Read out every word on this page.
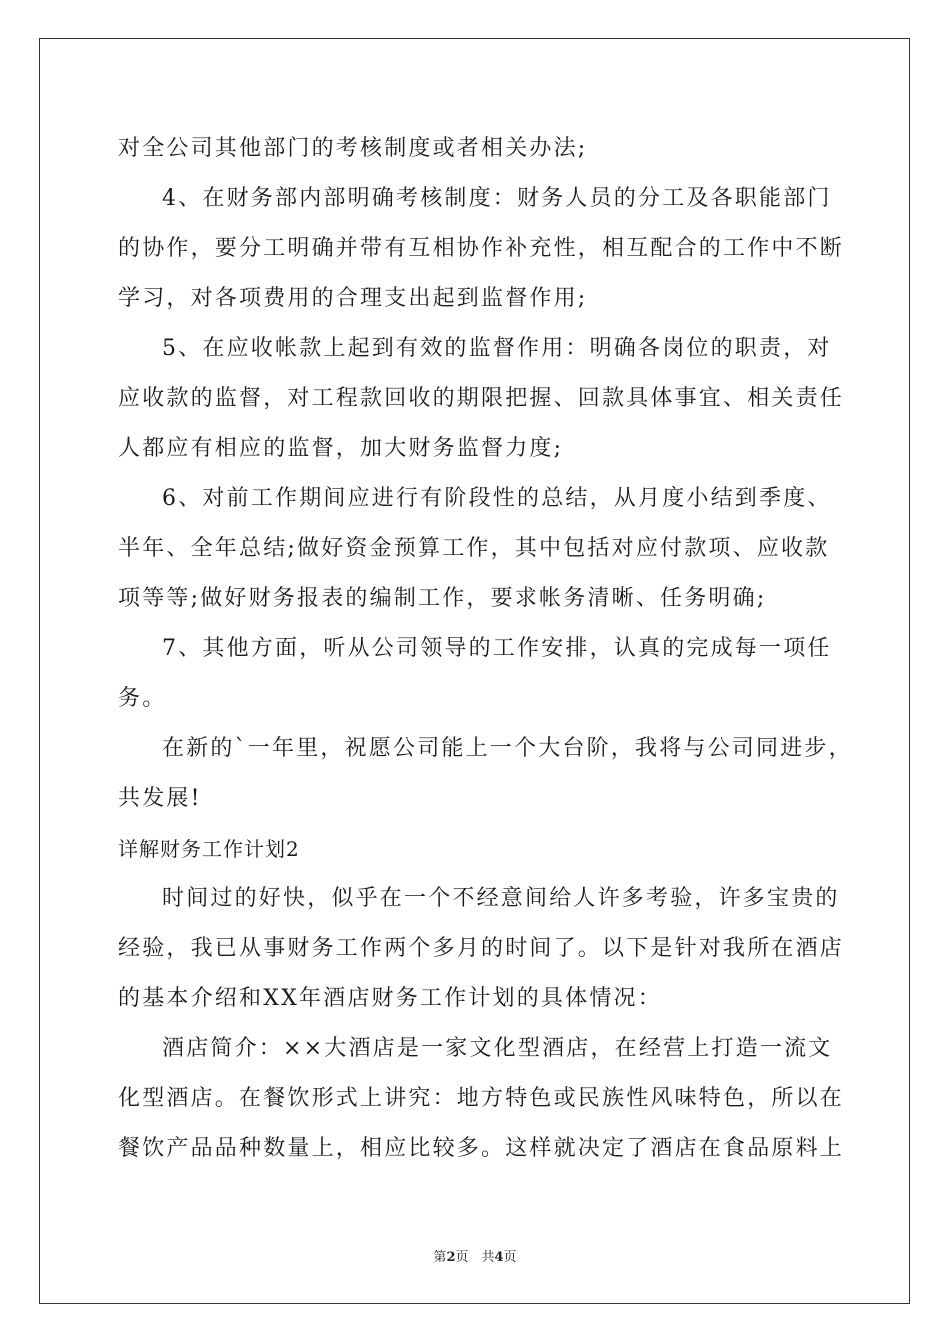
对全公司其他部门的考核制度或者相关办法;
4、在财务部内部明确考核制度：财务人员的分工及各职能部门
的协作，要分工明确并带有互相协作补充性，相互配合的工作中不断
学习，对各项费用的合理支出起到监督作用;
5、在应收帐款上起到有效的监督作用：明确各岗位的职责，对
应收款的监督，对工程款回收的期限把握、回款具体事宜、相关责任
人都应有相应的监督，加大财务监督力度;
6、对前工作期间应进行有阶段性的总结，从月度小结到季度、
半年、全年总结;做好资金预算工作，其中包括对应付款项、应收款
项等等;做好财务报表的编制工作，要求帐务清晰、任务明确;
7、其他方面，听从公司领导的工作安排，认真的完成每一项任
务。
在新的`一年里，祝愿公司能上一个大台阶，我将与公司同进步，
共发展!
详解财务工作计划2
时间过的好快，似乎在一个不经意间给人许多考验，许多宝贵的
经验，我已从事财务工作两个多月的时间了。以下是针对我所在酒店
的基本介绍和XX年酒店财务工作计划的具体情况：
酒店简介：××大酒店是一家文化型酒店，在经营上打造一流文
化型酒店。在餐饮形式上讲究：地方特色或民族性风味特色，所以在
餐饮产品品种数量上，相应比较多。这样就决定了酒店在食品原料上
第2页　共4页
